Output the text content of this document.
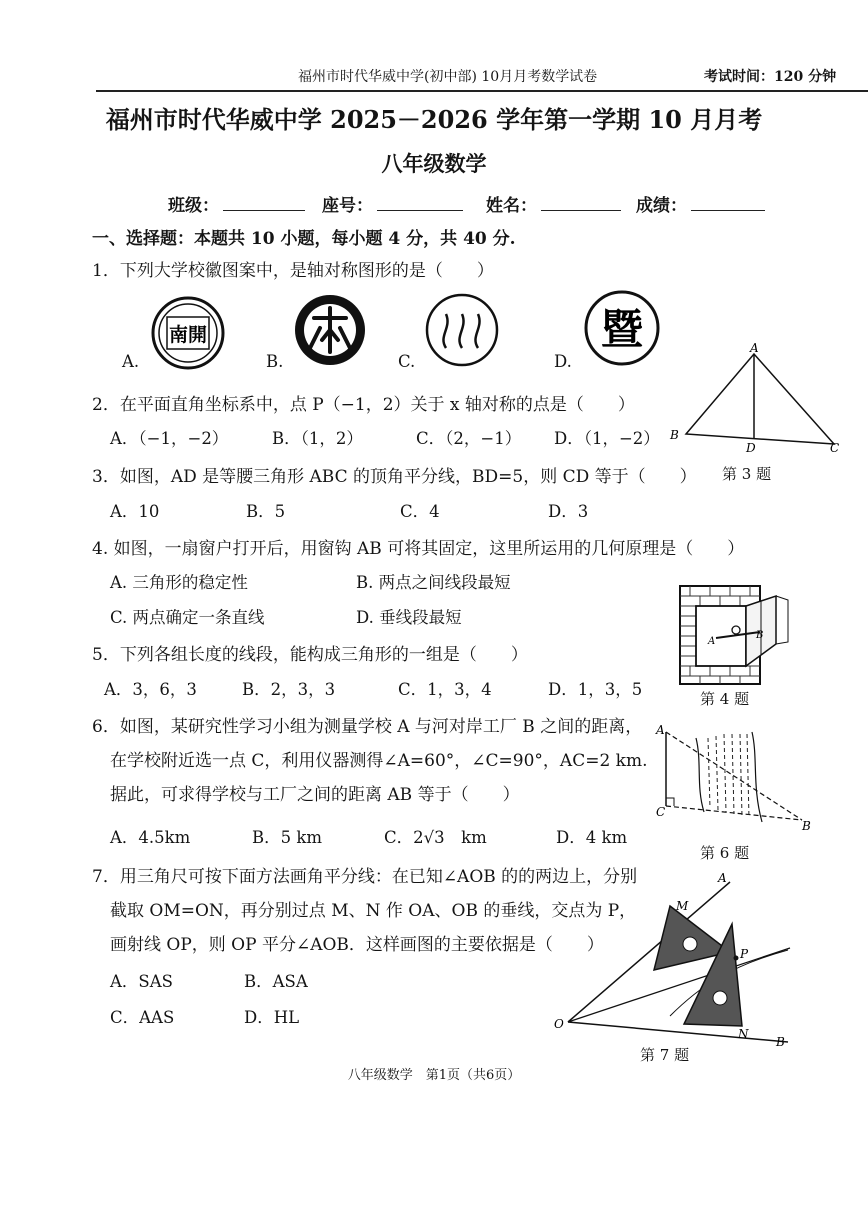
福州市时代华威中学(初中部) 10月月考数学试卷	考试时间：120 分钟
福州市时代华威中学 2025－2026 学年第一学期 10 月月考
八年级数学
班级：	座号：	姓名：	成绩：
一、选择题：本题共 10 小题，每小题 4 分，共 40 分.
1．下列大学校徽图案中，是轴对称图形的是（　　）
A.	B.	C.	D.
南開	暨	A
B
C
D
2．在平面直角坐标系中，点 P（−1，2）关于 x 轴对称的点是（　　）
A．（−1，−2）	B．（1，2）	C．（2，−1） D．（1，−2）
3．如图，AD 是等腰三角形 ABC 的顶角平分线，BD=5，则 CD 等于（　　） 第 3 题
A．10	B．5	C．4	D．3
4. 如图，一扇窗户打开后，用窗钩 AB 可将其固定，这里所运用的几何原理是（　　）
A. 三角形的稳定性	B. 两点之间线段最短
C. 两点确定一条直线	D. 垂线段最短
A
B
第 4 题
5．下列各组长度的线段，能构成三角形的一组是（　　）
A．3，6，3	B．2，3，3	C．1，3，4	D．1，3，5
6．如图，某研究性学习小组为测量学校 A 与河对岸工厂 B 之间的距离，
在学校附近选一点 C，利用仪器测得∠A=60°，∠C=90°，AC=2 km.
据此，可求得学校与工厂之间的距离 AB 等于（　　）
A．4.5km	B．5 km	C．2√3　km	D．4 km
A
C
B
第 6 题
7．用三角尺可按下面方法画角平分线：在已知∠AOB 的的两边上，分别
截取 OM=ON，再分别过点 M、N 作 OA、OB 的垂线，交点为 P，
画射线 OP，则 OP 平分∠AOB．这样画图的主要依据是（　　）
A．SAS	B．ASA
C．AAS	D．HL
A
O
B
M
N
P
第 7 题
八年级数学　第1页（共6页）
